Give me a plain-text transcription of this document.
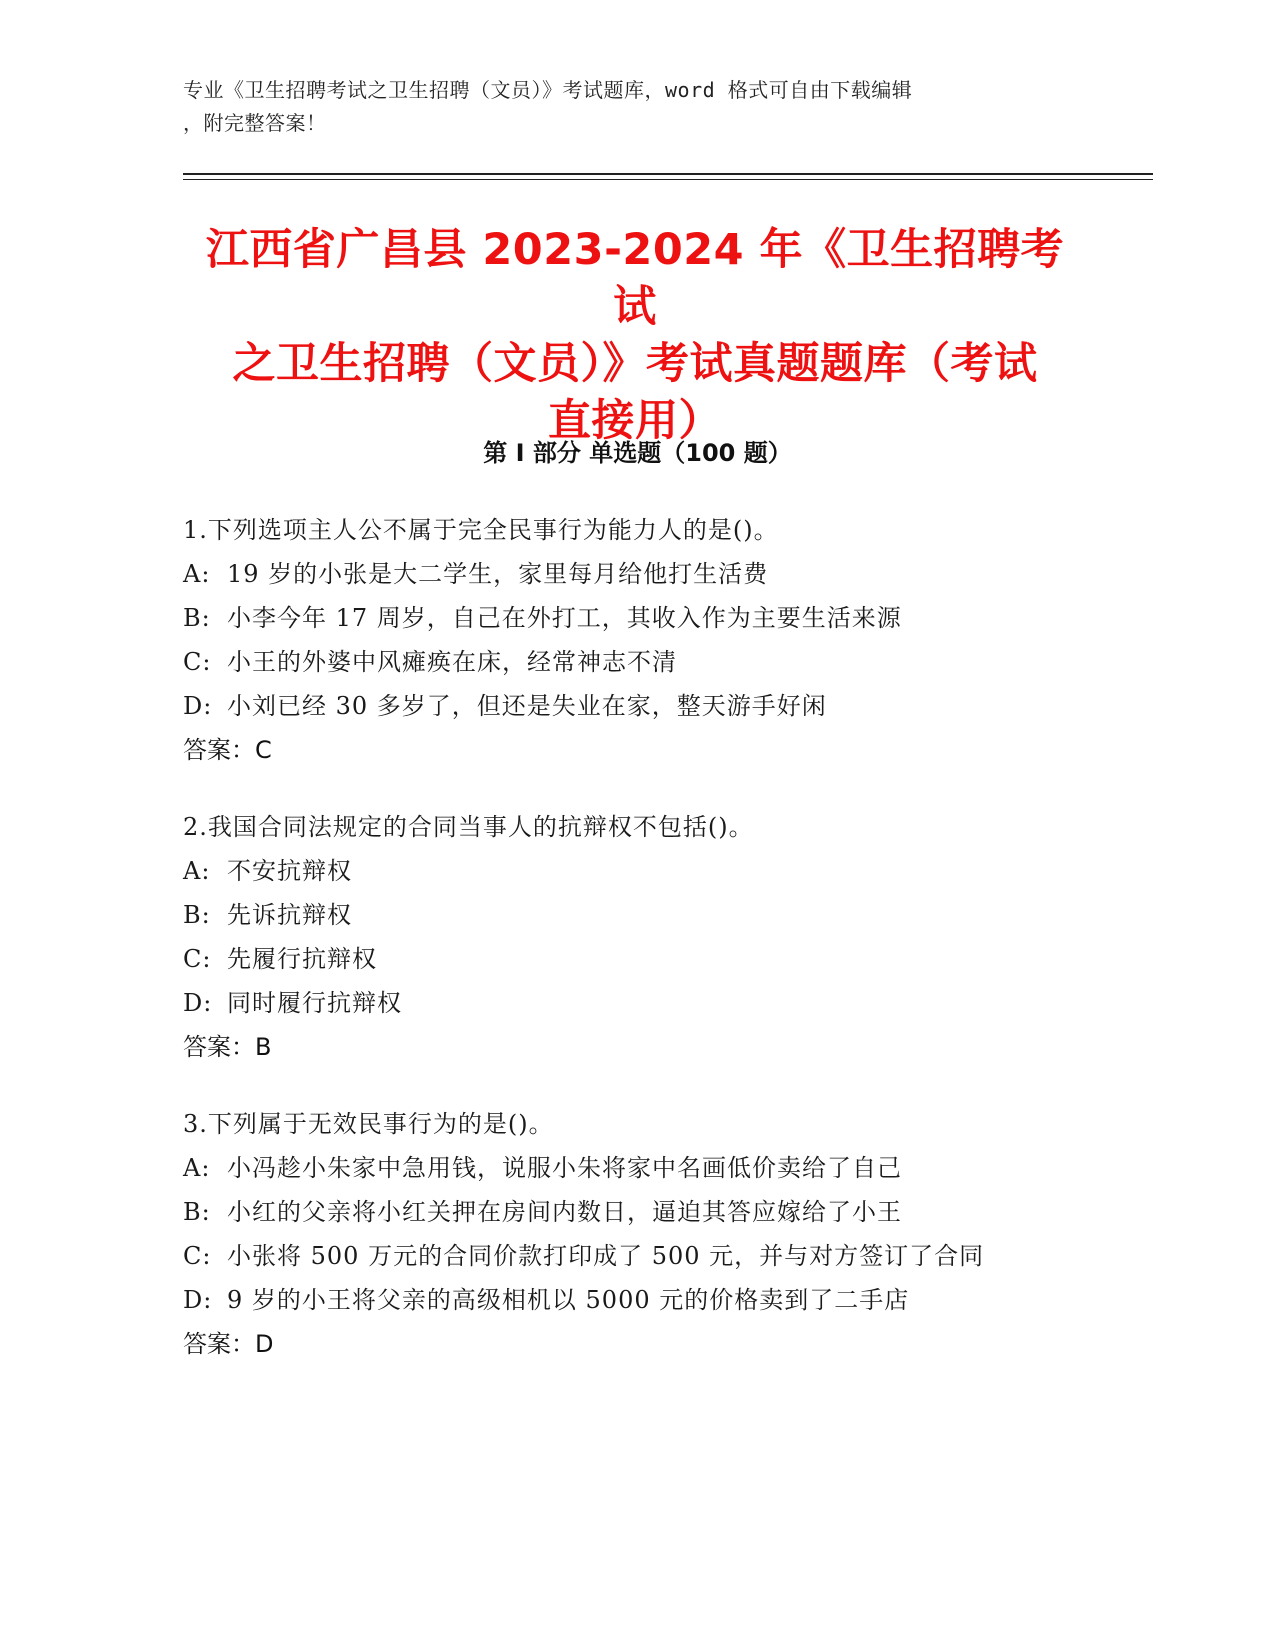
专业《卫生招聘考试之卫生招聘（文员）》考试题库，word 格式可自由下载编辑
，附完整答案！
江西省广昌县 2023-2024 年《卫生招聘考试
之卫生招聘（文员）》考试真题题库（考试
直接用）
第 I 部分 单选题（100 题）
1.下列选项主人公不属于完全民事行为能力人的是()。
A: 19 岁的小张是大二学生，家里每月给他打生活费
B: 小李今年 17 周岁，自己在外打工，其收入作为主要生活来源
C: 小王的外婆中风瘫痪在床，经常神志不清
D: 小刘已经 30 多岁了，但还是失业在家，整天游手好闲
答案：C
2.我国合同法规定的合同当事人的抗辩权不包括()。
A: 不安抗辩权
B: 先诉抗辩权
C: 先履行抗辩权
D: 同时履行抗辩权
答案：B
3.下列属于无效民事行为的是()。
A: 小冯趁小朱家中急用钱，说服小朱将家中名画低价卖给了自己
B: 小红的父亲将小红关押在房间内数日，逼迫其答应嫁给了小王
C: 小张将 500 万元的合同价款打印成了 500 元，并与对方签订了合同
D: 9 岁的小王将父亲的高级相机以 5000 元的价格卖到了二手店
答案：D
